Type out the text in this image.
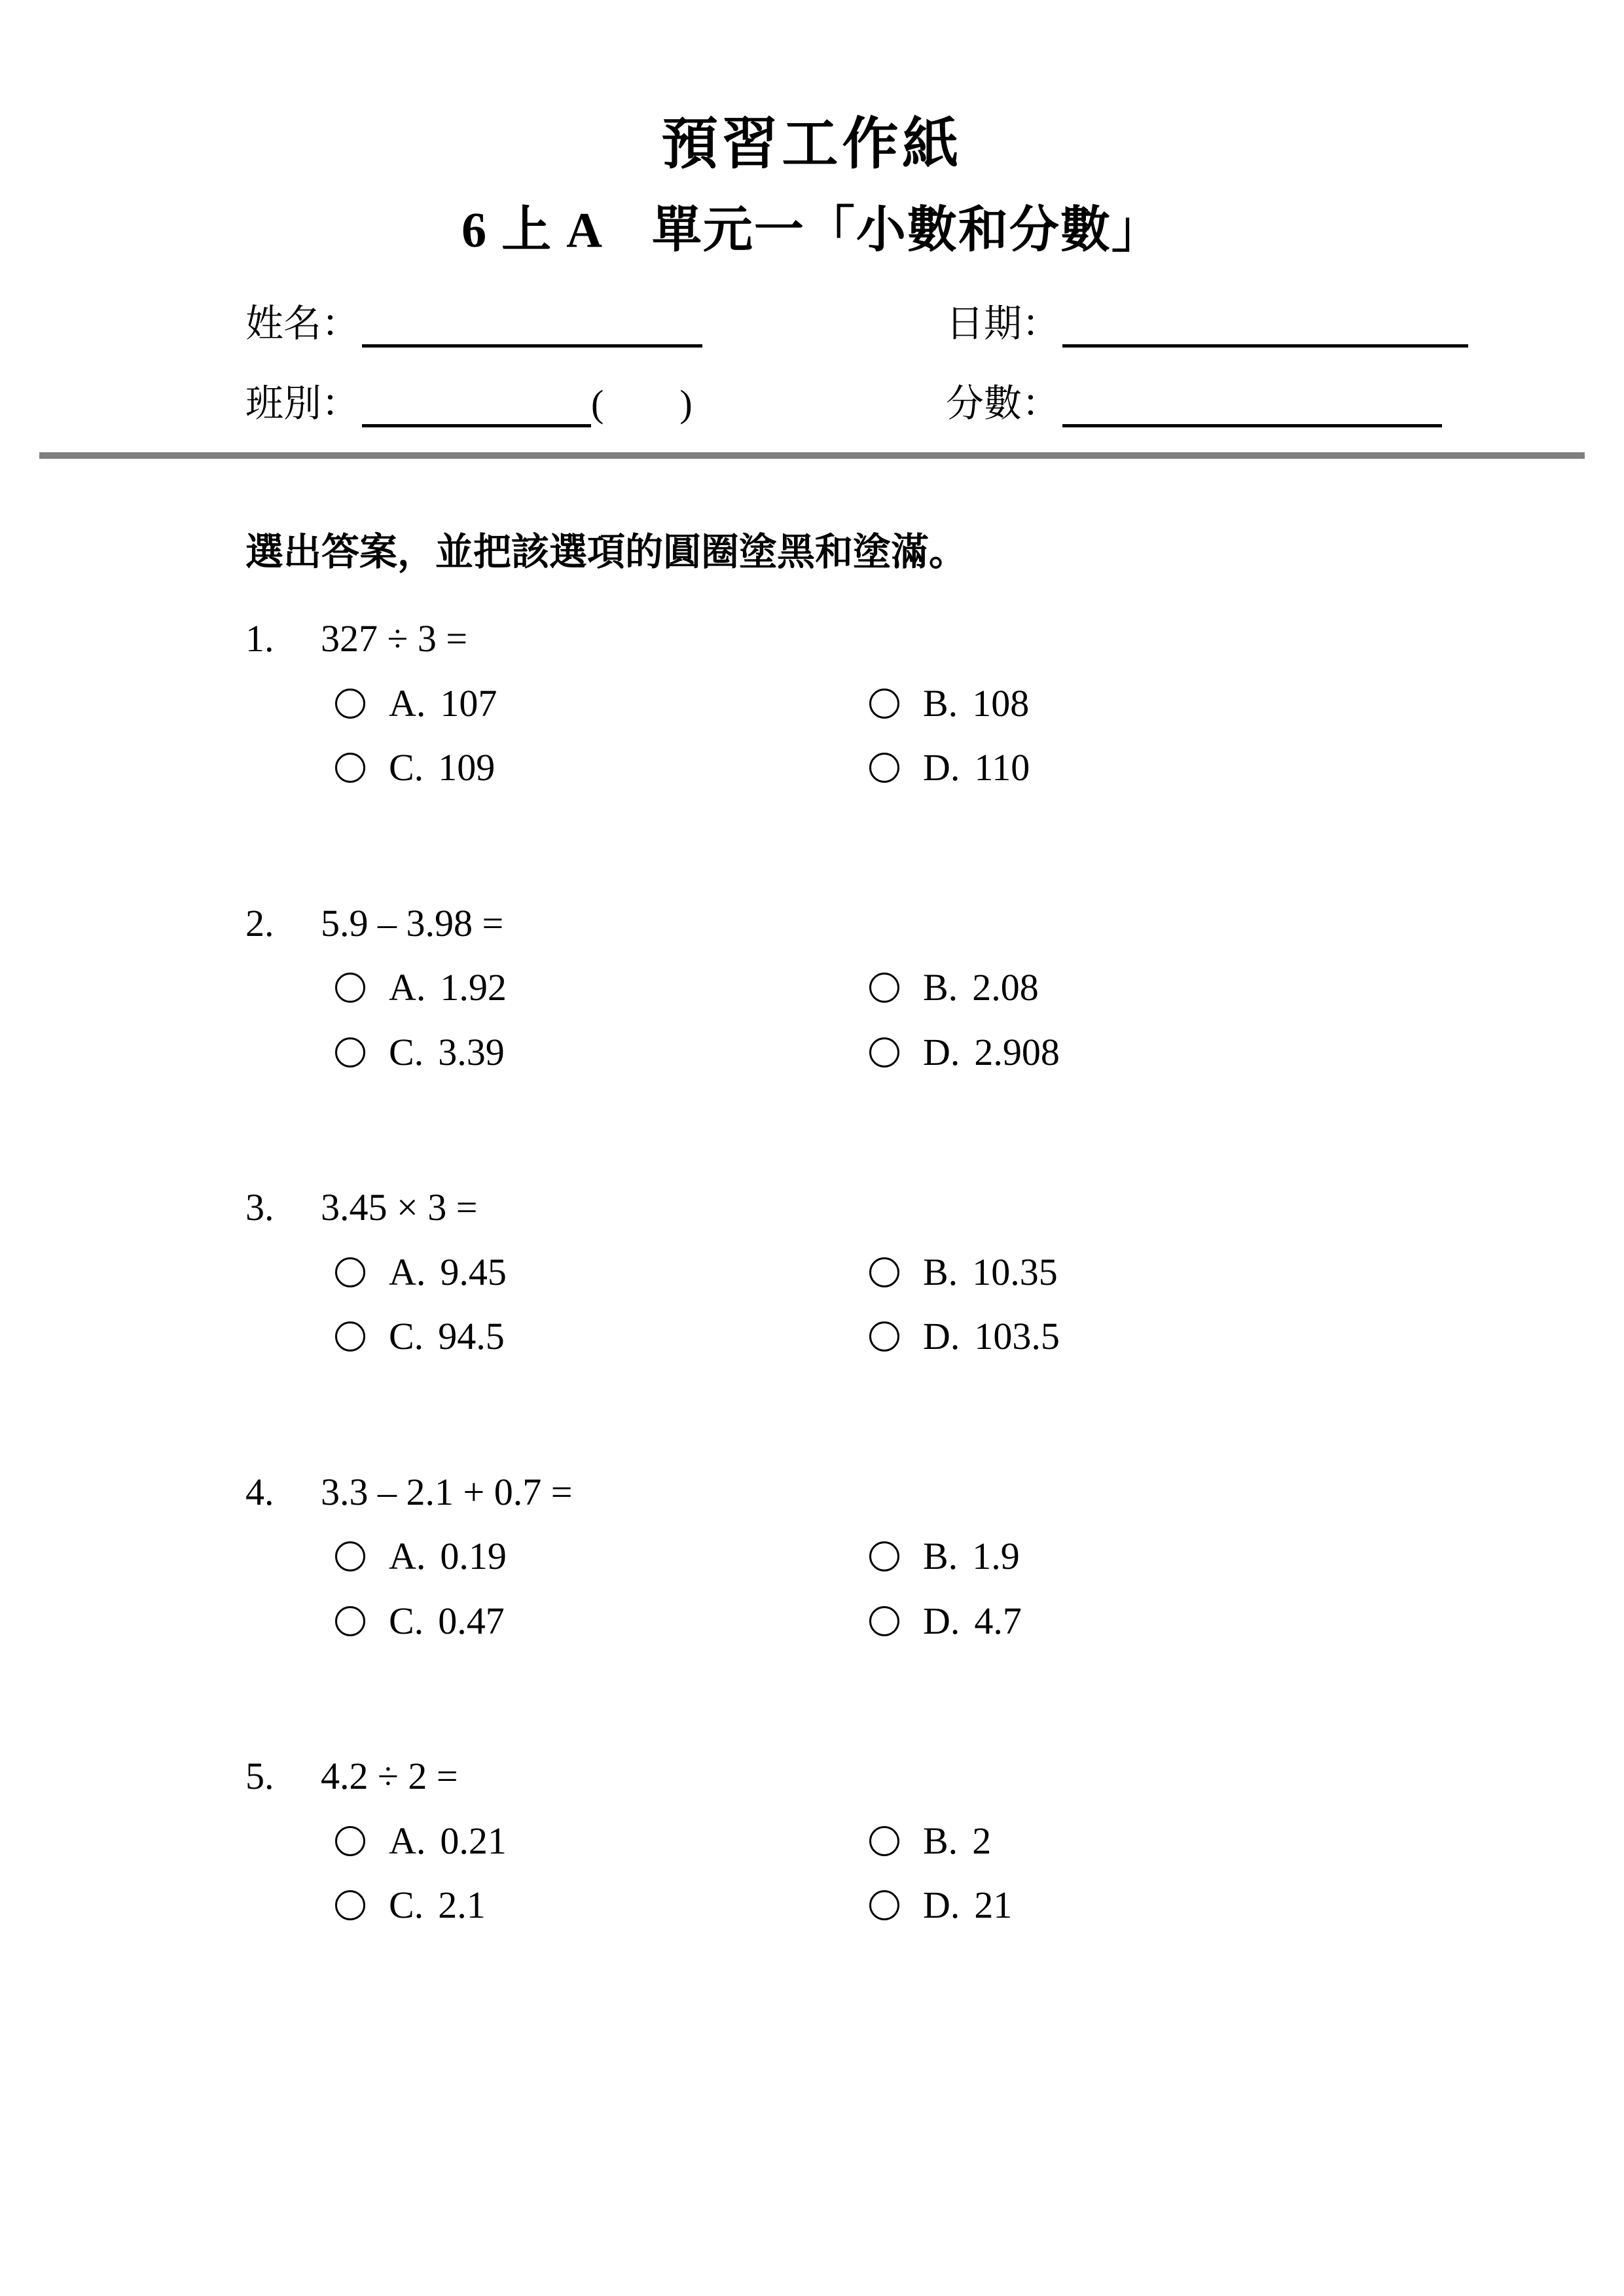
預習工作紙
6 上 A　單元一「小數和分數」
姓名：	日期：
班別：	(　　)	分數：
選出答案，並把該選項的圓圈塗黑和塗滿。
1.	327 ÷ 3 =
A. 107	B. 108
C. 109	D. 110
2.	5.9 – 3.98 =
A. 1.92	B. 2.08
C. 3.39	D. 2.908
3.	3.45 × 3 =
A. 9.45	B. 10.35
C. 94.5	D. 103.5
4.	3.3 – 2.1 + 0.7 =
A. 0.19	B. 1.9
C. 0.47	D. 4.7
5.	4.2 ÷ 2 =
A. 0.21	B. 2
C. 2.1	D. 21
